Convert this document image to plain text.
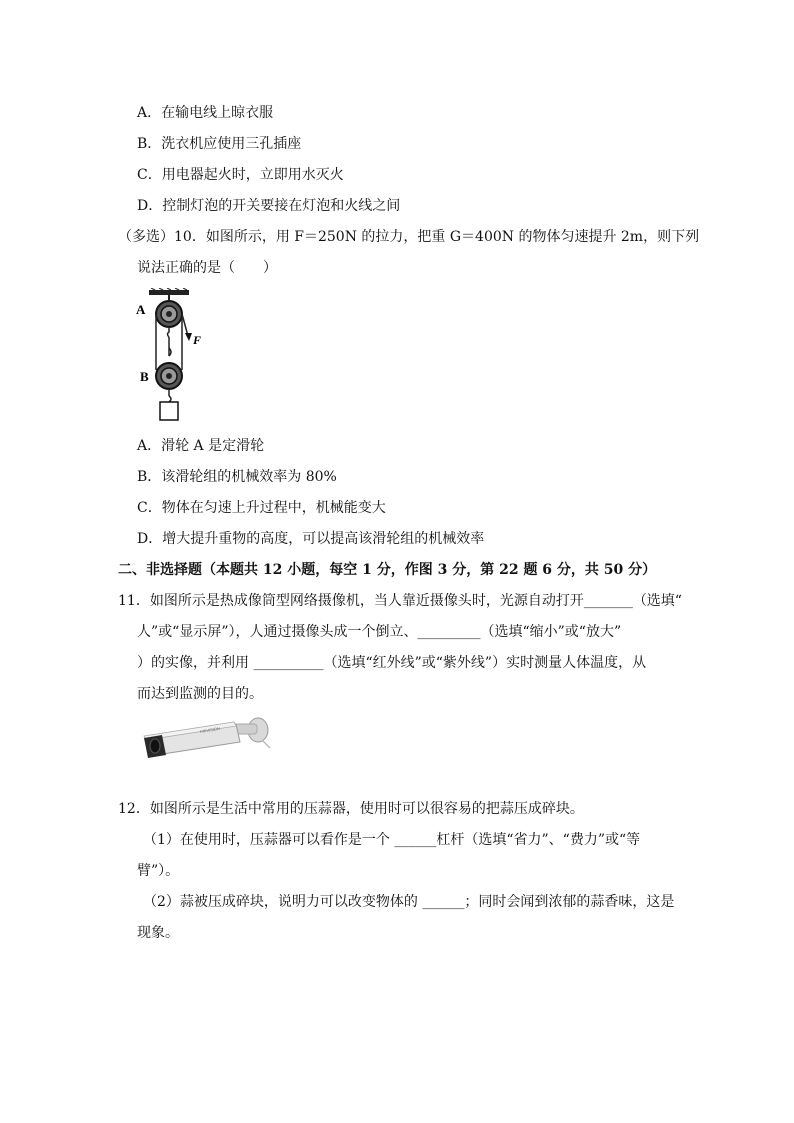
A．在输电线上晾衣服
B．洗衣机应使用三孔插座
C．用电器起火时，立即用水灭火
D．控制灯泡的开关要接在灯泡和火线之间
（多选）10．如图所示，用 F＝250N 的拉力，把重 G＝400N 的物体匀速提升 2m，则下列
说法正确的是（　　）
A
F
B
A．滑轮 A 是定滑轮
B．该滑轮组的机械效率为 80%
C．物体在匀速上升过程中，机械能变大
D．增大提升重物的高度，可以提高该滑轮组的机械效率
二、非选择题（本题共 12 小题，每空 1 分，作图 3 分，第 22 题 6 分，共 50 分）
11．如图所示是热成像筒型网络摄像机，当人靠近摄像头时，光源自动打开_______（选填“
人”或“显示屏”），人通过摄像头成一个倒立、_________（选填“缩小”或“放大”
）的实像，并利用 __________（选填“红外线”或“紫外线”）实时测量人体温度，从
而达到监测的目的。
HIKVISION
12．如图所示是生活中常用的压蒜器，使用时可以很容易的把蒜压成碎块。
（1）在使用时，压蒜器可以看作是一个 ______杠杆（选填“省力”、“费力”或“等
臂”）。
（2）蒜被压成碎块，说明力可以改变物体的 ______；同时会闻到浓郁的蒜香味，这是
现象。
